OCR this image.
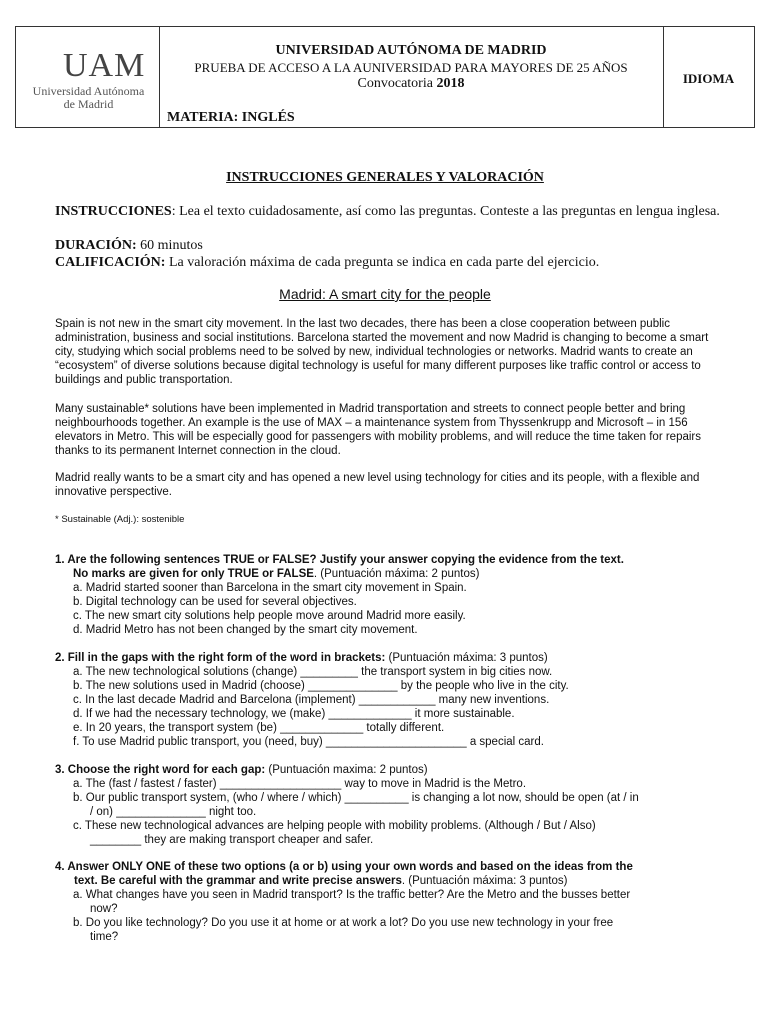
UAM
Universidad Autónoma
de Madrid
UNIVERSIDAD AUTÓNOMA DE MADRID
PRUEBA DE ACCESO A LA AUNIVERSIDAD PARA MAYORES DE 25 AÑOS
Convocatoria 2018
MATERIA: INGLÉS
IDIOMA
INSTRUCCIONES GENERALES Y VALORACIÓN
INSTRUCCIONES: Lea el texto cuidadosamente, así como las preguntas. Conteste a las preguntas en lengua inglesa.
DURACIÓN: 60 minutos
CALIFICACIÓN: La valoración máxima de cada pregunta se indica en cada parte del ejercicio.
Madrid: A smart city for the people
Spain is not new in the smart city movement. In the last two decades, there has been a close cooperation between public administration, business and social institutions. Barcelona started the movement and now Madrid is changing to become a smart city, studying which social problems need to be solved by new, individual technologies or networks. Madrid wants to create an “ecosystem” of diverse solutions because digital technology is useful for many different purposes like traffic control or access to buildings and public transportation.
Many sustainable* solutions have been implemented in Madrid transportation and streets to connect people better and bring neighbourhoods together. An example is the use of MAX – a maintenance system from Thyssenkrupp and Microsoft – in 156 elevators in Metro. This will be especially good for passengers with mobility problems, and will reduce the time taken for repairs thanks to its permanent Internet connection in the cloud.
Madrid really wants to be a smart city and has opened a new level using technology for cities and its people, with a flexible and innovative perspective.
* Sustainable (Adj.): sostenible
1. Are the following sentences TRUE or FALSE? Justify your answer copying the evidence from the text.
No marks are given for only TRUE or FALSE. (Puntuación máxima: 2 puntos)
a. Madrid started sooner than Barcelona in the smart city movement in Spain.
b. Digital technology can be used for several objectives.
c. The new smart city solutions help people move around Madrid more easily.
d. Madrid Metro has not been changed by the smart city movement.
2. Fill in the gaps with the right form of the word in brackets: (Puntuación máxima: 3 puntos)
a. The new technological solutions (change) _________ the transport system in big cities now.
b. The new solutions used in Madrid (choose) ______________ by the people who live in the city.
c. In the last decade Madrid and Barcelona (implement) ____________ many new inventions.
d. If we had the necessary technology, we (make) _____________ it more sustainable.
e. In 20 years, the transport system (be) _____________ totally different.
f. To use Madrid public transport, you (need, buy) ______________________ a special card.
3. Choose the right word for each gap: (Puntuación maxima: 2 puntos)
a. The (fast / fastest / faster) ___________________ way to move in Madrid is the Metro.
b. Our public transport system, (who / where / which) __________ is changing a lot now, should be open (at / in
/ on) ______________ night too.
c. These new technological advances are helping people with mobility problems. (Although / But / Also)
________ they are making transport cheaper and safer.
4. Answer ONLY ONE of these two options (a or b) using your own words and based on the ideas from the
text. Be careful with the grammar and write precise answers. (Puntuación máxima: 3 puntos)
a. What changes have you seen in Madrid transport? Is the traffic better? Are the Metro and the busses better
now?
b. Do you like technology? Do you use it at home or at work a lot? Do you use new technology in your free
time?
